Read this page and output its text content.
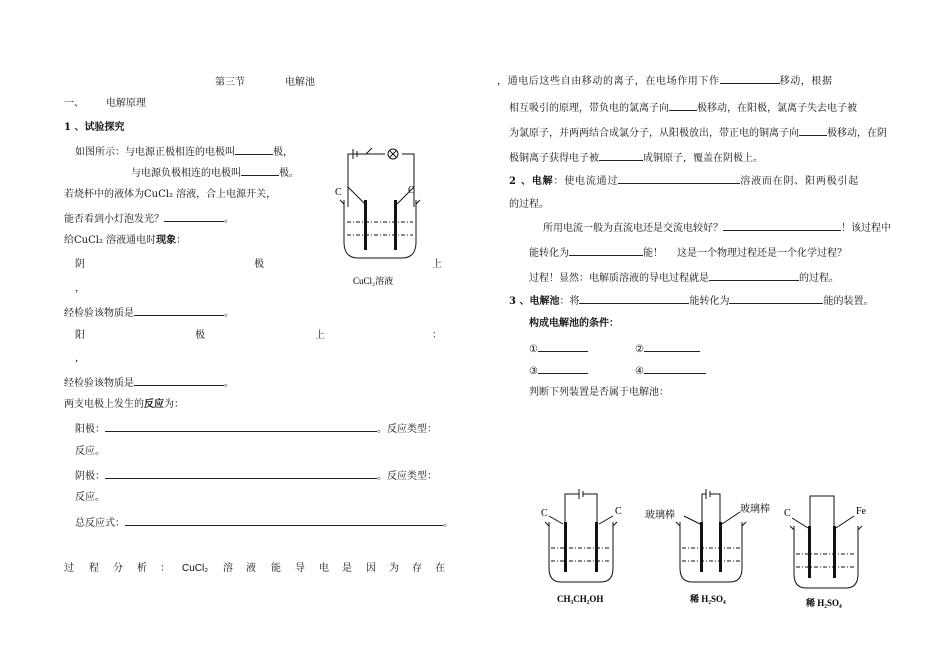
第三节	电解池
一、 电解原理
1 、试验探究
如图所示：与电源正极相连的电极叫	极，
与电源负极相连的电极叫	极。
若烧杯中的液体为CuCl₂ 溶液，合上电源开关，
能否看到小灯泡发光？	。
给CuCl₂ 溶液通电时现象：
阴	极	上
，
经检验该物质是	。
阳	极	上	：
，
经检验该物质是	。
两支电极上发生的反应为：
阳极：	。反应类型：
反应。
阴极：	。反应类型：
反应。
总反应式：	。
过 程 分 析 ： CuCl₂ 溶 液 能 导 电 是 因 为 存 在
C	C
CuCl₂溶液
，通电后这些自由移动的离子，在电场作用下作	移动，根据
相互吸引的原理，带负电的氯离子向	极移动，在阳极，氯离子失去电子被
为氯原子，并两两结合成氯分子，从阳极放出，带正电的铜离子向	极移动，在阴
极铜离子获得电子被	成铜原子，覆盖在阴极上。
2 、电解：使电流通过	溶液而在阴、阳两极引起
的过程。
所用电流一般为直流电还是交流电较好？	！该过程中
能转化为	能！ 这是一个物理过程还是一个化学过程？
过程！显然：电解质溶液的导电过程就是	的过程。
3 、电解池：将	能转化为	能的装置。
构成电解池的条件：
①	②
③	④
判断下列装置是否属于电解池：
C	C
CH₃CH₂OH
玻璃棒
玻璃棒
稀 H₂SO₄
C	Fe
稀 H₂SO₄
